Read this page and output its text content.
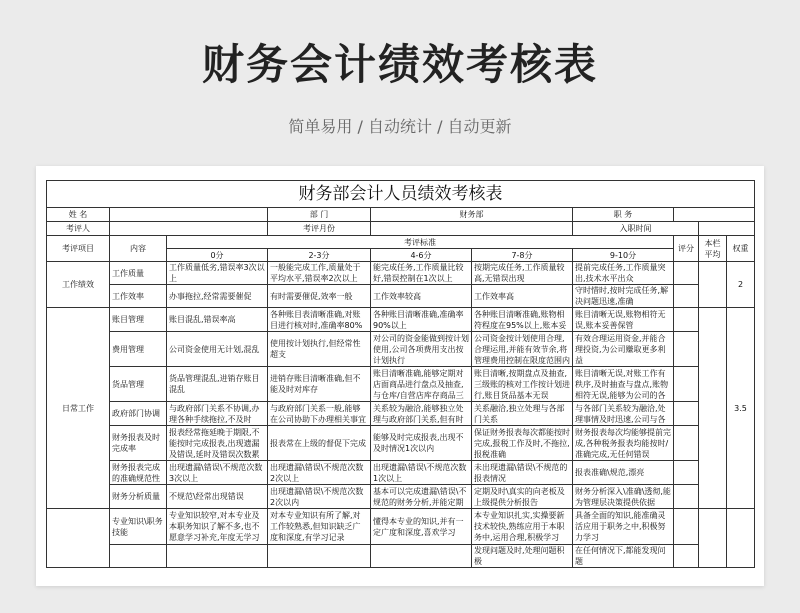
财务会计绩效考核表
简单易用 / 自动统计 / 自动更新
财务部会计人员绩效考核表									
姓 名			部 门	财务部		职 务			
考评人			考评月份			入职时间			
考评项目	内容	考评标准					评分	本栏平均	权重
		0分	2-3分	4-6分	7-8分	9-10分			
工作绩效	工作质量	工作质量低劣,错误率3次以上	一般能完成工作,质量处于平均水平,错误率2次以上	能完成任务,工作质量比较好,错误控制在1次以上	按期完成任务,工作质量较高,无错误出现	提前完成任务,工作质量突出,技术水平出众			2
	工作效率	办事拖拉,经常需要催促	有时需要催促,效率一般	工作效率较高	工作效率高	守时惜时,按时完成任务,解决问题迅速,准确			

日常工作	账目管理	账目混乱,错误率高	各种账目表清晰准确,对账目进行核对时,准确率80%	各种账目清晰准确,准确率90%以上	各种账目清晰准确,账物相符程度在95%以上,账本妥	账目清晰无误,账物相符无误,账本妥善保管			3.5
	费用管理	公司资金使用无计划,混乱	使用按计划执行,但经常性超支	对公司的资金能做到按计划使用,公司各项费用支出按计划执行	公司资金按计划使用合理,合理运用,并能有效节余,将管理费用控制在限度范围内	有效合理运用资金,并能合理投资,为公司赚取更多利益			

	货品管理	货品管理混乱,进销存账目混乱	进销存账目清晰准确,但不能及时对库存	账目清晰准确,能够定期对店面商品进行盘点及抽查,与仓库/自营店库存商品三	账目清晰,按期盘点及抽查,三级账的核对工作按计划进行,账目货品基本无误	账目清晰无误,对账工作有秩序,及时抽查与盘点,账物相符无误,能够为公司的各			

	政府部门协调	与政府部门关系不协调,办理各种手续拖拉,不及时	与政府部门关系一般,能够在公司协助下办理相关事宜	关系较为融洽,能够独立处理与政府部门关系,但有时	关系融洽,独立处理与各部门关系	与各部门关系较为融洽,处理事情及时迅速,公司与各			

	财务报表及时完成率	报表经常拖延晚于期限,不能按时完成报表,出现遗漏及错误,延时及错误次数累	报表常在上级的督促下完成	能够及时完成报表,出现不及时情况1次以内	保证财务报表每次都能按时完成,报税工作及时,不拖拉,报税准确	财务报表每次均能够提前完成,各种税务报表均能按时/准确完成,无任何错误			

	财务报表完成的准确规范性	出现遗漏\错误\不规范次数3次以上	出现遗漏\错误\不规范次数2次以上	出现遗漏\错误\不规范次数1次以上	未出现遗漏\错误\不规范的报表情况	报表准确\规范,漂亮			

	财务分析质量	不规范\经常出现错误	出现遗漏\错误\不规范次数2次以内	基本可以完成遗漏\错误\不规范的财务分析,并能定期	定期及时\真实的向老板及上级提供分析报告	财务分析深入\准确\透彻,能为管理层决策提供依据			

	专业知识\职务技能	专业知识较窄,对本专业及本职务知识了解不多,也不愿意学习补充,年度无学习	对本专业知识有所了解,对工作较熟悉,但知识缺乏广度和深度,有学习记录	懂得本专业的知识,并有一定广度和深度,喜欢学习	本专业知识扎实,实操要新技术较快,熟练应用于本职务中,运用合理,积极学习	具备全面的知识,能准确灵活应用于职务之中,积极努力学习			

					发现问题及时,处理问题积极	在任何情况下,都能发现问题			
